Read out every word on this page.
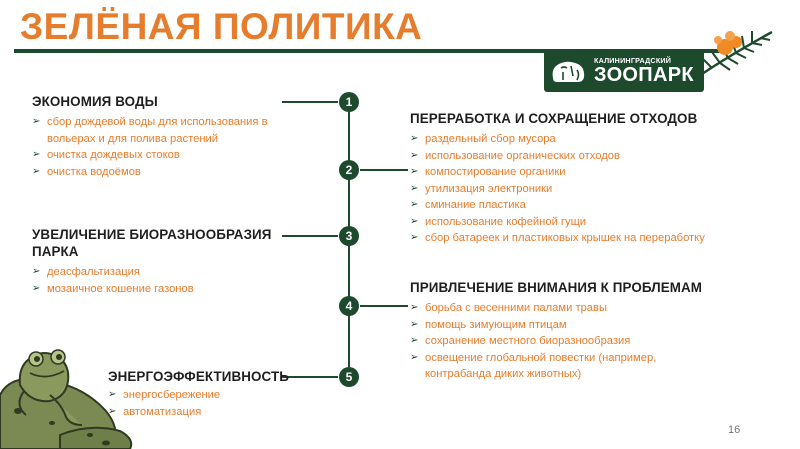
ЗЕЛЁНАЯ ПОЛИТИКА
КАЛИНИНГРАДСКИЙ
ЗООПАРК
1
2
3
4
5
ЭКОНОМИЯ ВОДЫ
➢ сбор дождевой воды для использования в вольерах и для полива растений
➢ очистка дождевых стоков
➢ очистка водоёмов
ПЕРЕРАБОТКА И СОХРАЩЕНИЕ ОТХОДОВ
➢ раздельный сбор мусора
➢ использование органических отходов
➢ компостирование органики
➢ утилизация электроники
➢ сминание пластика
➢ использование кофейной гущи
➢ сбор батареек и пластиковых крышек на переработку
УВЕЛИЧЕНИЕ БИОРАЗНООБРАЗИЯ ПАРКА
➢ деасфальтизация
➢ мозаичное кошение газонов	ПРИВЛЕЧЕНИЕ ВНИМАНИЯ К ПРОБЛЕМАМ
➢ борьба с весенними палами травы
➢ помощь зимующим птицам
➢ сохранение местного биоразнообразия
➢ освещение глобальной повестки (например, контрабанда диких животных)
ЭНЕРГОЭФФЕКТИВНОСТЬ
➢ энергосбережение
➢ автоматизация
16
